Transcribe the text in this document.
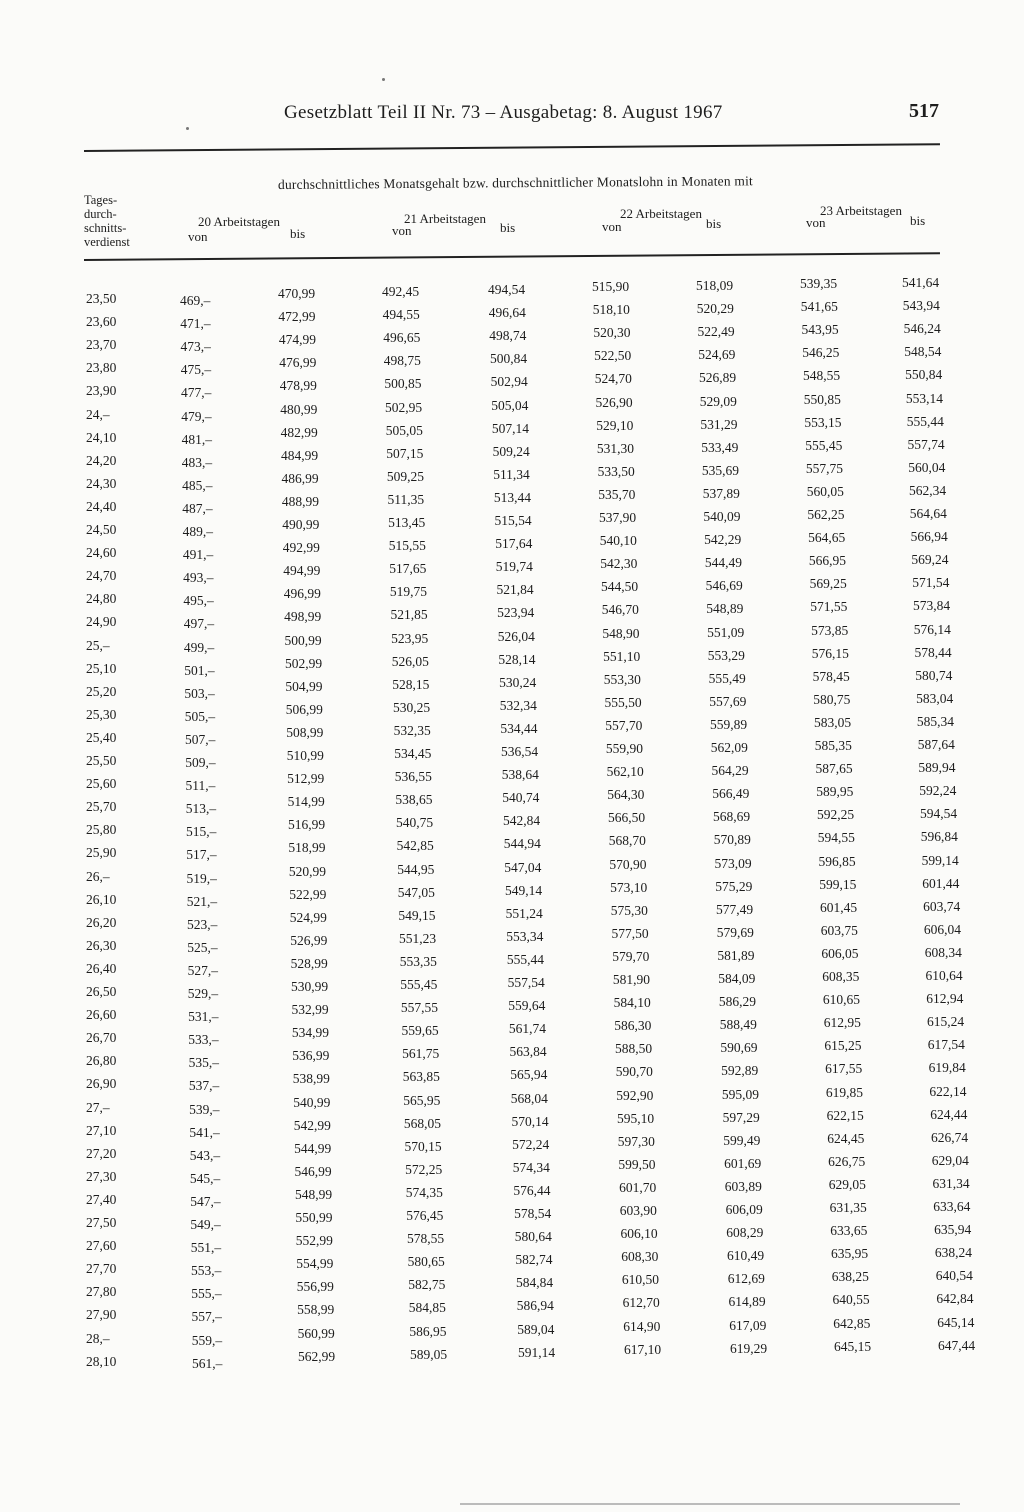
Gesetzblatt Teil II Nr. 73 – Ausgabetag: 8. August 1967	517
Tages-
durch-
schnitts-
verdienst
durchschnittliches Monatsgehalt bzw. durchschnittlicher Monatslohn in Monaten mit
20 Arbeitstagen
von	bis
21 Arbeitstagen
von	bis
22 Arbeitstagen
von	bis
23 Arbeitstagen
von	bis
23,50	469,–	470,99	492,45	494,54	515,90	518,09	539,35	541,64
23,60	471,–	472,99	494,55	496,64	518,10	520,29	541,65	543,94
23,70	473,–	474,99	496,65	498,74	520,30	522,49	543,95	546,24
23,80	475,–	476,99	498,75	500,84	522,50	524,69	546,25	548,54
23,90	477,–	478,99	500,85	502,94	524,70	526,89	548,55	550,84
24,–	479,–	480,99	502,95	505,04	526,90	529,09	550,85	553,14
24,10	481,–	482,99	505,05	507,14	529,10	531,29	553,15	555,44
24,20	483,–	484,99	507,15	509,24	531,30	533,49	555,45	557,74
24,30	485,–	486,99	509,25	511,34	533,50	535,69	557,75	560,04
24,40	487,–	488,99	511,35	513,44	535,70	537,89	560,05	562,34
24,50	489,–	490,99	513,45	515,54	537,90	540,09	562,25	564,64
24,60	491,–	492,99	515,55	517,64	540,10	542,29	564,65	566,94
24,70	493,–	494,99	517,65	519,74	542,30	544,49	566,95	569,24
24,80	495,–	496,99	519,75	521,84	544,50	546,69	569,25	571,54
24,90	497,–	498,99	521,85	523,94	546,70	548,89	571,55	573,84
25,–	499,–	500,99	523,95	526,04	548,90	551,09	573,85	576,14
25,10	501,–	502,99	526,05	528,14	551,10	553,29	576,15	578,44
25,20	503,–	504,99	528,15	530,24	553,30	555,49	578,45	580,74
25,30	505,–	506,99	530,25	532,34	555,50	557,69	580,75	583,04
25,40	507,–	508,99	532,35	534,44	557,70	559,89	583,05	585,34
25,50	509,–	510,99	534,45	536,54	559,90	562,09	585,35	587,64
25,60	511,–	512,99	536,55	538,64	562,10	564,29	587,65	589,94
25,70	513,–	514,99	538,65	540,74	564,30	566,49	589,95	592,24
25,80	515,–	516,99	540,75	542,84	566,50	568,69	592,25	594,54
25,90	517,–	518,99	542,85	544,94	568,70	570,89	594,55	596,84
26,–	519,–	520,99	544,95	547,04	570,90	573,09	596,85	599,14
26,10	521,–	522,99	547,05	549,14	573,10	575,29	599,15	601,44
26,20	523,–	524,99	549,15	551,24	575,30	577,49	601,45	603,74
26,30	525,–	526,99	551,23	553,34	577,50	579,69	603,75	606,04
26,40	527,–	528,99	553,35	555,44	579,70	581,89	606,05	608,34
26,50	529,–	530,99	555,45	557,54	581,90	584,09	608,35	610,64
26,60	531,–	532,99	557,55	559,64	584,10	586,29	610,65	612,94
26,70	533,–	534,99	559,65	561,74	586,30	588,49	612,95	615,24
26,80	535,–	536,99	561,75	563,84	588,50	590,69	615,25	617,54
26,90	537,–	538,99	563,85	565,94	590,70	592,89	617,55	619,84
27,–	539,–	540,99	565,95	568,04	592,90	595,09	619,85	622,14
27,10	541,–	542,99	568,05	570,14	595,10	597,29	622,15	624,44
27,20	543,–	544,99	570,15	572,24	597,30	599,49	624,45	626,74
27,30	545,–	546,99	572,25	574,34	599,50	601,69	626,75	629,04
27,40	547,–	548,99	574,35	576,44	601,70	603,89	629,05	631,34
27,50	549,–	550,99	576,45	578,54	603,90	606,09	631,35	633,64
27,60	551,–	552,99	578,55	580,64	606,10	608,29	633,65	635,94
27,70	553,–	554,99	580,65	582,74	608,30	610,49	635,95	638,24
27,80	555,–	556,99	582,75	584,84	610,50	612,69	638,25	640,54
27,90	557,–	558,99	584,85	586,94	612,70	614,89	640,55	642,84
28,–	559,–	560,99	586,95	589,04	614,90	617,09	642,85	645,14
28,10	561,–	562,99	589,05	591,14	617,10	619,29	645,15	647,44
